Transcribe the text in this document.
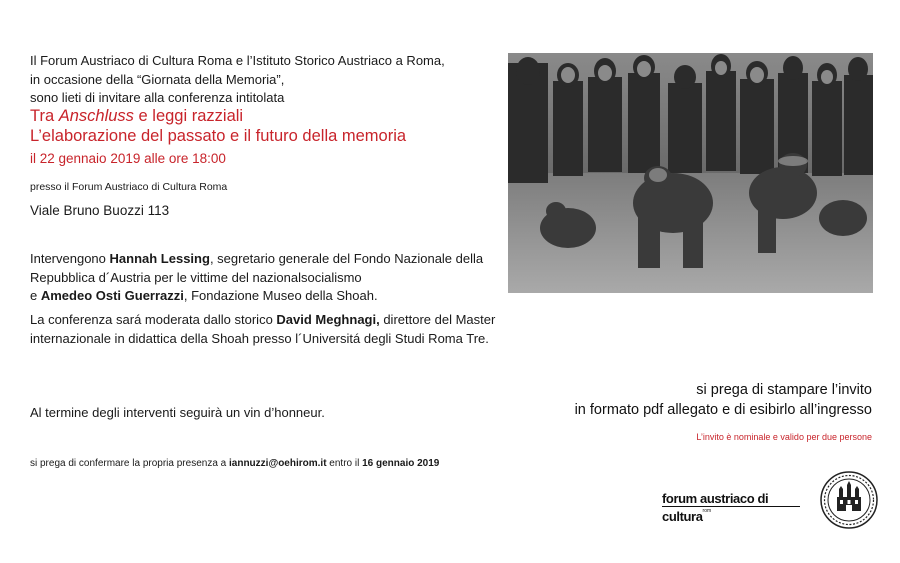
Il Forum Austriaco di Cultura Roma e l’Istituto Storico Austriaco a Roma,
in occasione della “Giornata della Memoria”,
sono lieti di invitare alla conferenza intitolata
Tra Anschluss e leggi razziali
L’elaborazione del passato e il futuro della memoria
il 22 gennaio 2019 alle ore 18:00
presso il Forum Austriaco di Cultura Roma
Viale Bruno Buozzi 113
Intervengono Hannah Lessing, segretario generale del Fondo Nazionale della
Repubblica d´Austria per le vittime del nazionalsocialismo
e Amedeo Osti Guerrazzi, Fondazione Museo della Shoah.
La conferenza sará moderata dallo storico David Meghnagi, direttore del Master
internazionale in didattica della Shoah presso l´Universitá degli Studi Roma Tre.
Al termine degli interventi seguirà un vin d’honneur.
si prega di confermare la propria presenza a iannuzzi@oehirom.it entro il 16 gennaio 2019
si prega di stampare l’invito
in formato pdf allegato e di esibirlo all’ingresso
L’invito è nominale e valido per due persone
forum austriaco di cultura$^{rom}$
